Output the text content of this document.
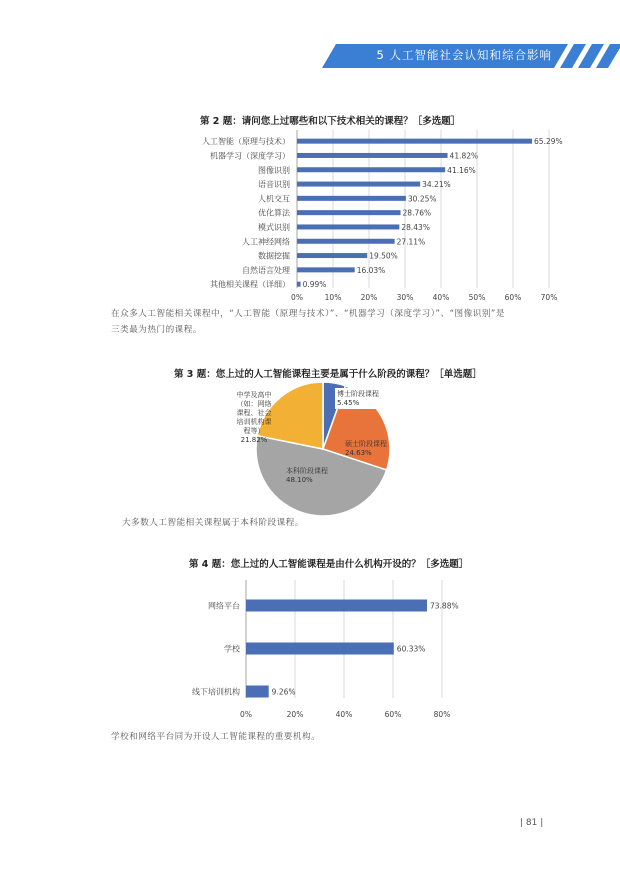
5 人工智能社会认知和综合影响
第 2 题：请问您上过哪些和以下技术相关的课程？［多选题］
0%	10%	20%	30%	40%	50%	60%	70%
人工智能（原理与技术）	65.29%
机器学习（深度学习）	41.82%
图像识别	41.16%
语音识别	34.21%
人机交互	30.25%
优化算法	28.76%
模式识别	28.43%
人工神经网络	27.11%
数据挖掘	19.50%
自然语言处理	16.03%
其他相关课程（详细） 0.99%
在众多人工智能相关课程中，“人工智能（原理与技术）”、“机器学习（深度学习）”、“图像识别”是三类最为热门的课程。
第 3 题：您上过的人工智能课程主要是属于什么阶段的课程？［单选题］
博士阶段课程
5.45%
硕士阶段课程
24.63%
本科阶段课程
48.10%
中学及高中
（如：网络
课程、社会
培训机构课
程等）
21.82%
大多数人工智能相关课程属于本科阶段课程。
第 4 题：您上过的人工智能课程是由什么机构开设的？［多选题］
0%	20%	40%	60%	80%
网络平台	73.88%
学校	60.33%
线下培训机构	9.26%
学校和网络平台同为开设人工智能课程的重要机构。
| 81 |
